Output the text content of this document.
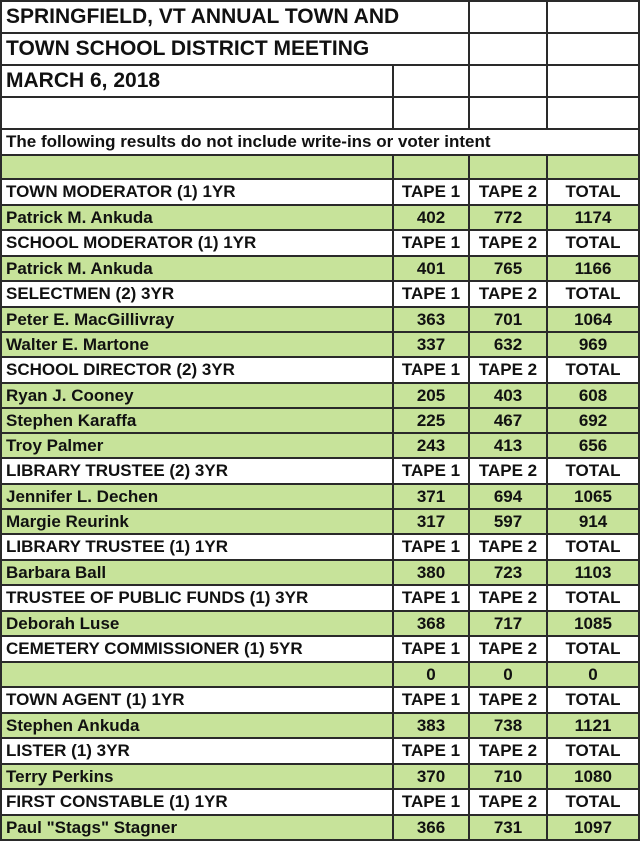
SPRINGFIELD, VT ANNUAL TOWN AND			
TOWN SCHOOL DISTRICT MEETING			
MARCH 6, 2018			

The following results do not include write-ins or voter intent			

TOWN MODERATOR (1) 1YR	TAPE 1	TAPE 2	TOTAL
Patrick M. Ankuda	402	772	1174
SCHOOL MODERATOR (1) 1YR	TAPE 1	TAPE 2	TOTAL
Patrick M. Ankuda	401	765	1166
SELECTMEN (2) 3YR	TAPE 1	TAPE 2	TOTAL
Peter E. MacGillivray	363	701	1064
Walter E. Martone	337	632	969
SCHOOL DIRECTOR (2) 3YR	TAPE 1	TAPE 2	TOTAL
Ryan J. Cooney	205	403	608
Stephen Karaffa	225	467	692
Troy Palmer	243	413	656
LIBRARY TRUSTEE (2) 3YR	TAPE 1	TAPE 2	TOTAL
Jennifer L. Dechen	371	694	1065
Margie Reurink	317	597	914
LIBRARY TRUSTEE (1) 1YR	TAPE 1	TAPE 2	TOTAL
Barbara Ball	380	723	1103
TRUSTEE OF PUBLIC FUNDS (1) 3YR	TAPE 1	TAPE 2	TOTAL
Deborah Luse	368	717	1085
CEMETERY COMMISSIONER (1) 5YR	TAPE 1	TAPE 2	TOTAL
	0	0	0
TOWN AGENT (1) 1YR	TAPE 1	TAPE 2	TOTAL
Stephen Ankuda	383	738	1121
LISTER (1) 3YR	TAPE 1	TAPE 2	TOTAL
Terry Perkins	370	710	1080
FIRST CONSTABLE (1) 1YR	TAPE 1	TAPE 2	TOTAL
Paul "Stags" Stagner	366	731	1097
